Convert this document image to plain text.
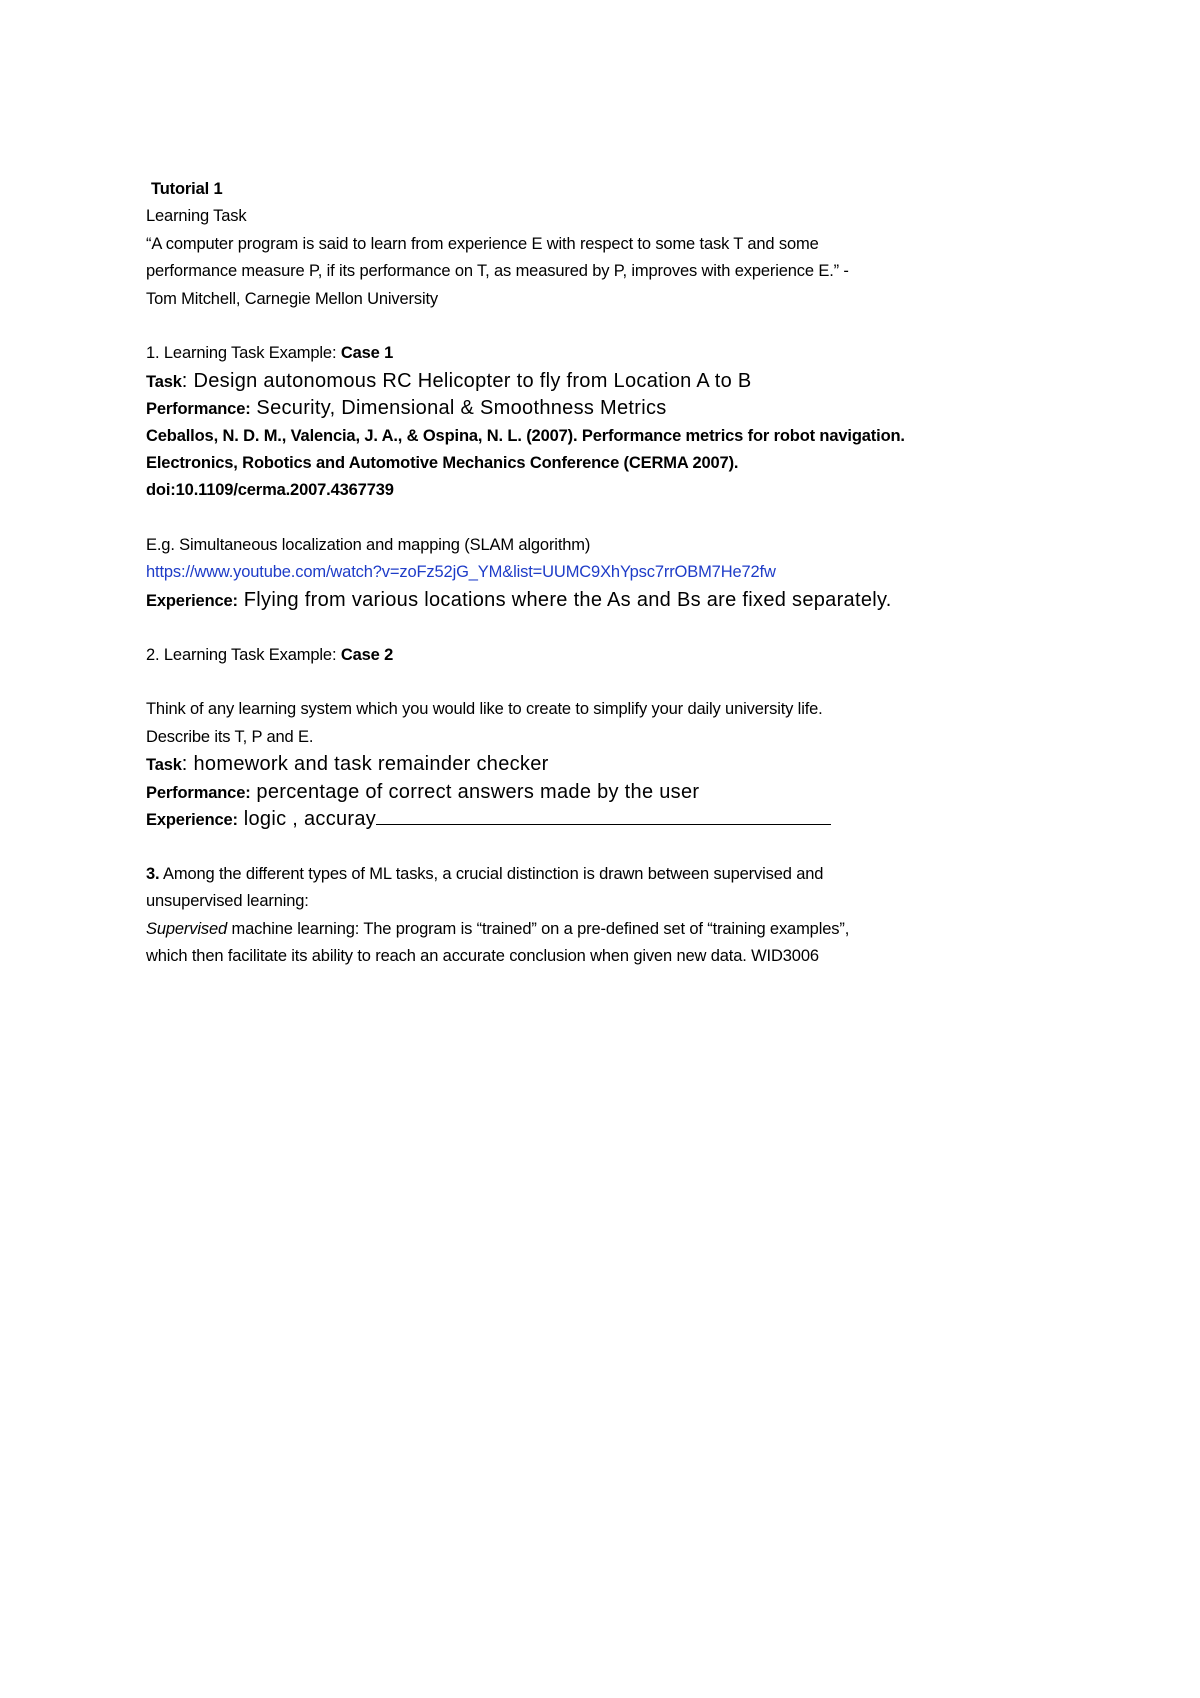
Tutorial 1
Learning Task
“A computer program is said to learn from experience E with respect to some task T and some
performance measure P, if its performance on T, as measured by P, improves with experience E.” -
Tom Mitchell, Carnegie Mellon University
1. Learning Task Example: Case 1
Task: Design autonomous RC Helicopter to fly from Location A to B
Performance: Security, Dimensional & Smoothness Metrics
Ceballos, N. D. M., Valencia, J. A., & Ospina, N. L. (2007). Performance metrics for robot navigation.
Electronics, Robotics and Automotive Mechanics Conference (CERMA 2007).
doi:10.1109/cerma.2007.4367739
E.g. Simultaneous localization and mapping (SLAM algorithm)
https://www.youtube.com/watch?v=zoFz52jG_YM&list=UUMC9XhYpsc7rrOBM7He72fw
Experience: Flying from various locations where the As and Bs are fixed separately.
2. Learning Task Example: Case 2
Think of any learning system which you would like to create to simplify your daily university life.
Describe its T, P and E.
Task: homework and task remainder checker
Performance: percentage of correct answers made by the user
Experience: logic , accuray
3. Among the different types of ML tasks, a crucial distinction is drawn between supervised and
unsupervised learning:
Supervised machine learning: The program is “trained” on a pre-defined set of “training examples”,
which then facilitate its ability to reach an accurate conclusion when given new data. WID3006
